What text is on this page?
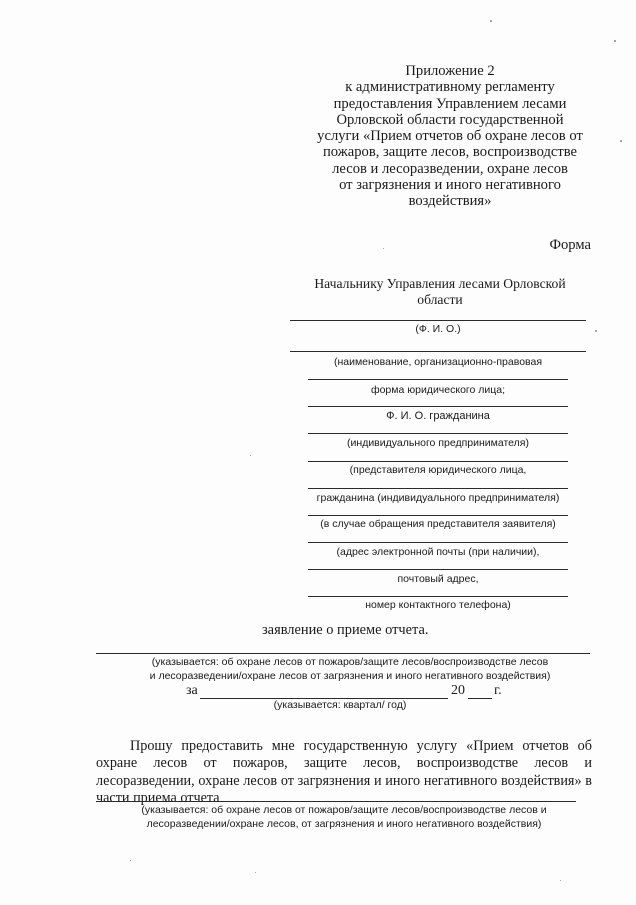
Приложение 2
к административному регламенту
предоставления Управлением лесами
Орловской области государственной
услуги «Прием отчетов об охране лесов от
пожаров, защите лесов, воспроизводстве
лесов и лесоразведении, охране лесов
от загрязнения и иного негативного
воздействия»
Форма
Начальнику Управления лесами Орловской
области
(Ф. И. О.)
(наименование, организационно-правовая
форма юридического лица;
Ф. И. О. гражданина
(индивидуального предпринимателя)
(представителя юридического лица,
гражданина (индивидуального предпринимателя)
(в случае обращения представителя заявителя)
(адрес электронной почты (при наличии),
почтовый адрес,
номер контактного телефона)
заявление о приеме отчета.
(указывается: об охране лесов от пожаров/защите лесов/воспроизводстве лесов
и лесоразведении/охране лесов от загрязнения и иного негативного воздействия)
за	20 г.
(указывается: квартал/ год)
Прошу предоставить мне государственную услугу «Прием отчетов об охране лесов от пожаров, защите лесов, воспроизводстве лесов и лесоразведении, охране лесов от загрязнения и иного негативного воздействия» в части приема отчета
(указывается: об охране лесов от пожаров/защите лесов/воспроизводстве лесов и
лесоразведении/охране лесов, от загрязнения и иного негативного воздействия)
